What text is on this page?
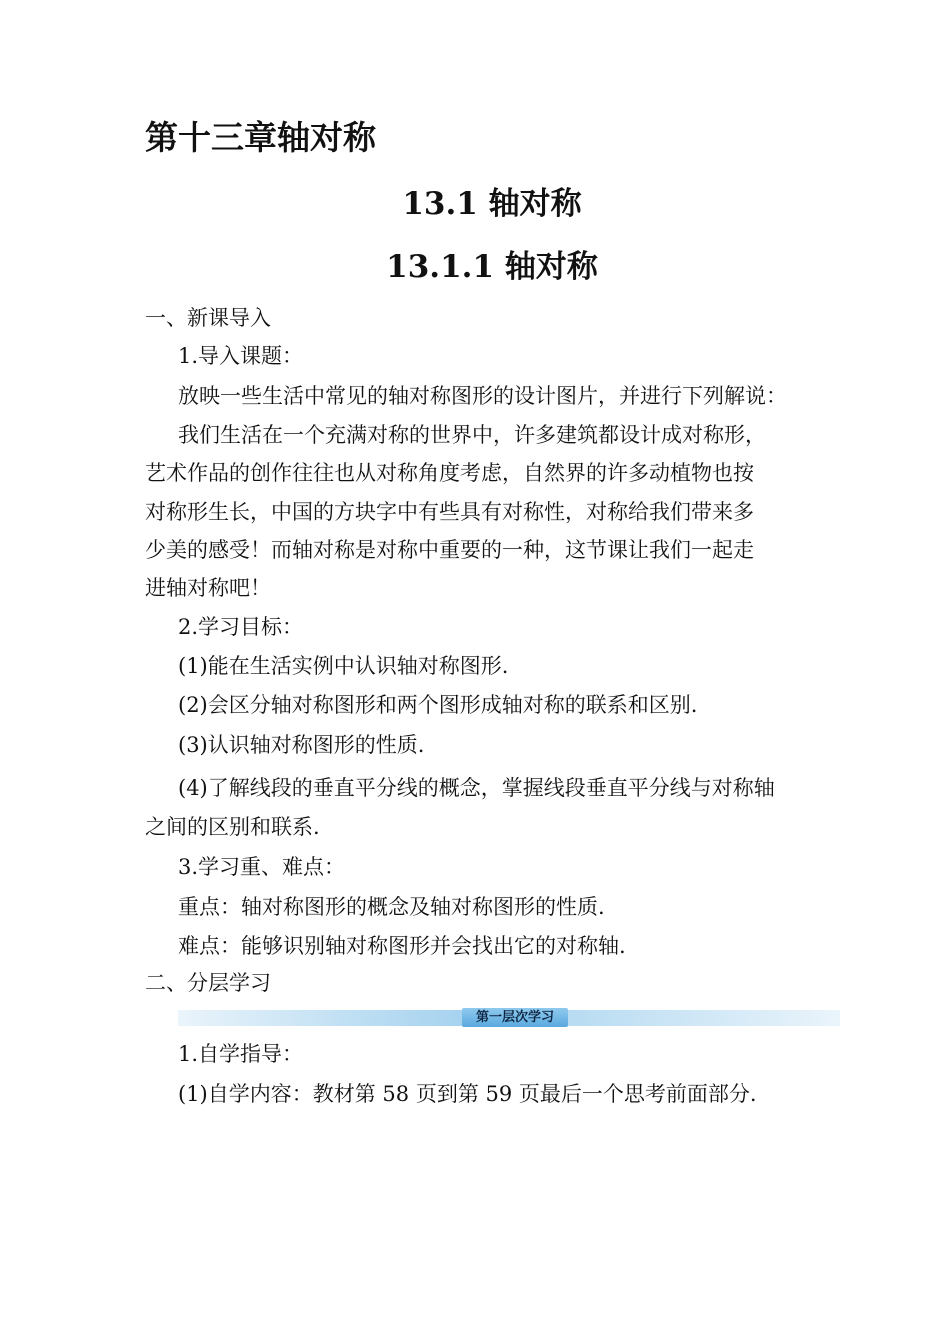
第十三章轴对称
13.1 轴对称
13.1.1 轴对称

一、新课导入

1.导入课题：

放映一些生活中常见的轴对称图形的设计图片，并进行下列解说：

我们生活在一个充满对称的世界中，许多建筑都设计成对称形，

艺术作品的创作往往也从对称角度考虑，自然界的许多动植物也按

对称形生长，中国的方块字中有些具有对称性，对称给我们带来多

少美的感受！而轴对称是对称中重要的一种，这节课让我们一起走

进轴对称吧！

2.学习目标：

(1)能在生活实例中认识轴对称图形.

(2)会区分轴对称图形和两个图形成轴对称的联系和区别.

(3)认识轴对称图形的性质.

(4)了解线段的垂直平分线的概念，掌握线段垂直平分线与对称轴

之间的区别和联系.

3.学习重、难点：

重点：轴对称图形的概念及轴对称图形的性质.

难点：能够识别轴对称图形并会找出它的对称轴.

二、分层学习

第一层次学习

1.自学指导：

(1)自学内容：教材第 58 页到第 59 页最后一个思考前面部分.
